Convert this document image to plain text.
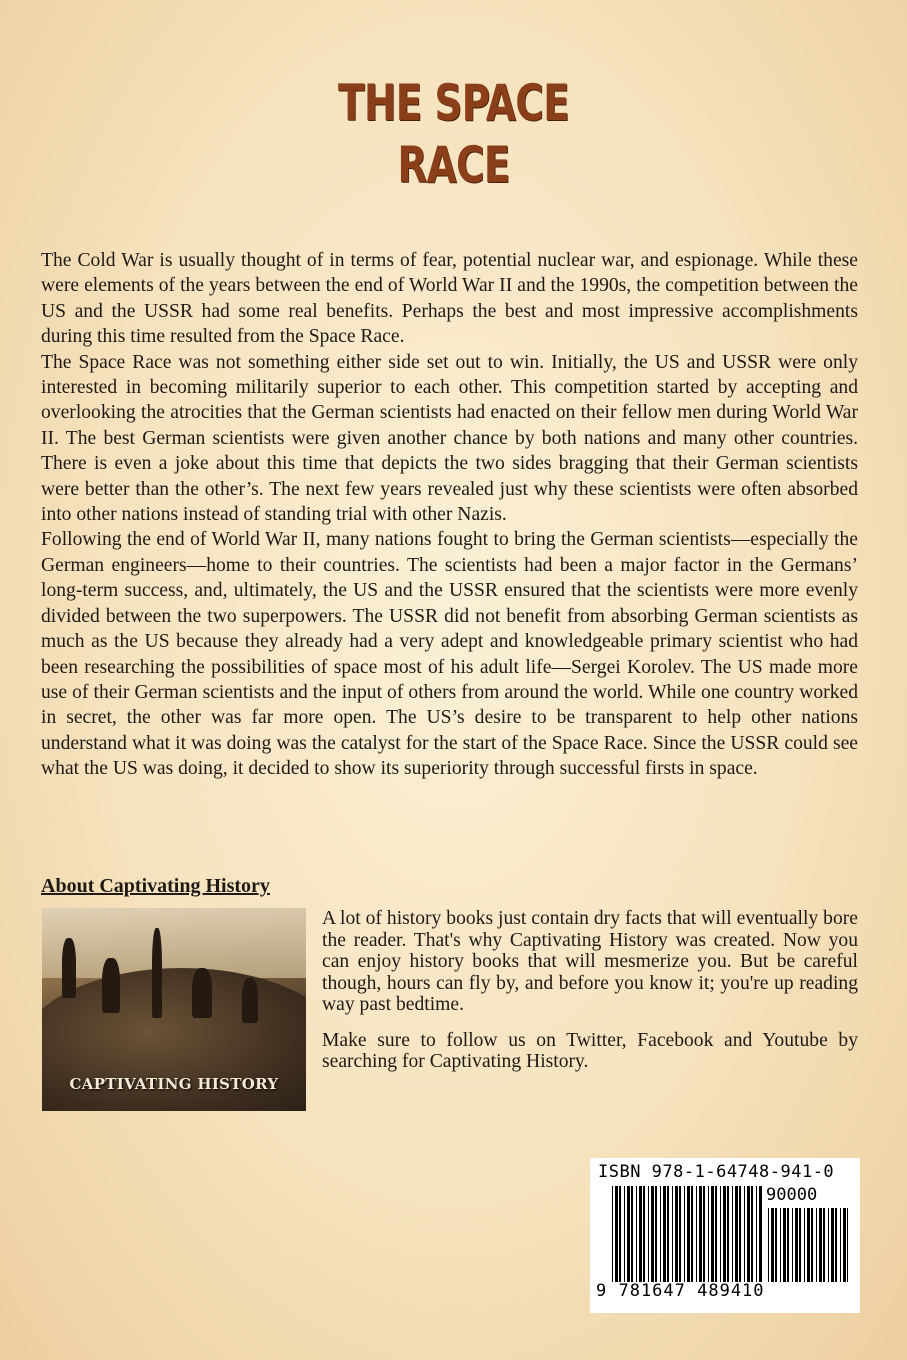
THE SPACE
RACE

The Cold War is usually thought of in terms of fear, potential nuclear war, and espionage. While these were elements of the years between the end of World War II and the 1990s, the competition between the US and the USSR had some real benefits. Perhaps the best and most impressive accomplishments during this time resulted from the Space Race.

The Space Race was not something either side set out to win. Initially, the US and USSR were only interested in becoming militarily superior to each other. This competition started by accepting and overlooking the atrocities that the German scientists had enacted on their fellow men during World War II. The best German scientists were given another chance by both nations and many other countries. There is even a joke about this time that depicts the two sides bragging that their German scientists were better than the other’s. The next few years revealed just why these scientists were often absorbed into other nations instead of standing trial with other Nazis.

Following the end of World War II, many nations fought to bring the German scientists—especially the German engineers—home to their countries. The scientists had been a major factor in the Germans’ long-term success, and, ultimately, the US and the USSR ensured that the scientists were more evenly divided between the two superpowers. The USSR did not benefit from absorbing German scientists as much as the US because they already had a very adept and knowledgeable primary scientist who had been researching the possibilities of space most of his adult life—Sergei Korolev. The US made more use of their German scientists and the input of others from around the world. While one country worked in secret, the other was far more open. The US’s desire to be transparent to help other nations understand what it was doing was the catalyst for the start of the Space Race. Since the USSR could see what the US was doing, it decided to show its superiority through successful firsts in space.

About Captivating History
CAPTIVATING HISTORY

A lot of history books just contain dry facts that will eventually bore the reader. That's why Captivating History was created. Now you can enjoy history books that will mesmerize you. But be careful though, hours can fly by, and before you know it; you're up reading way past bedtime.

Make sure to follow us on Twitter, Facebook and Youtube by searching for Captivating History.

ISBN 978-1-64748-941-0
90000
9 781647 489410
